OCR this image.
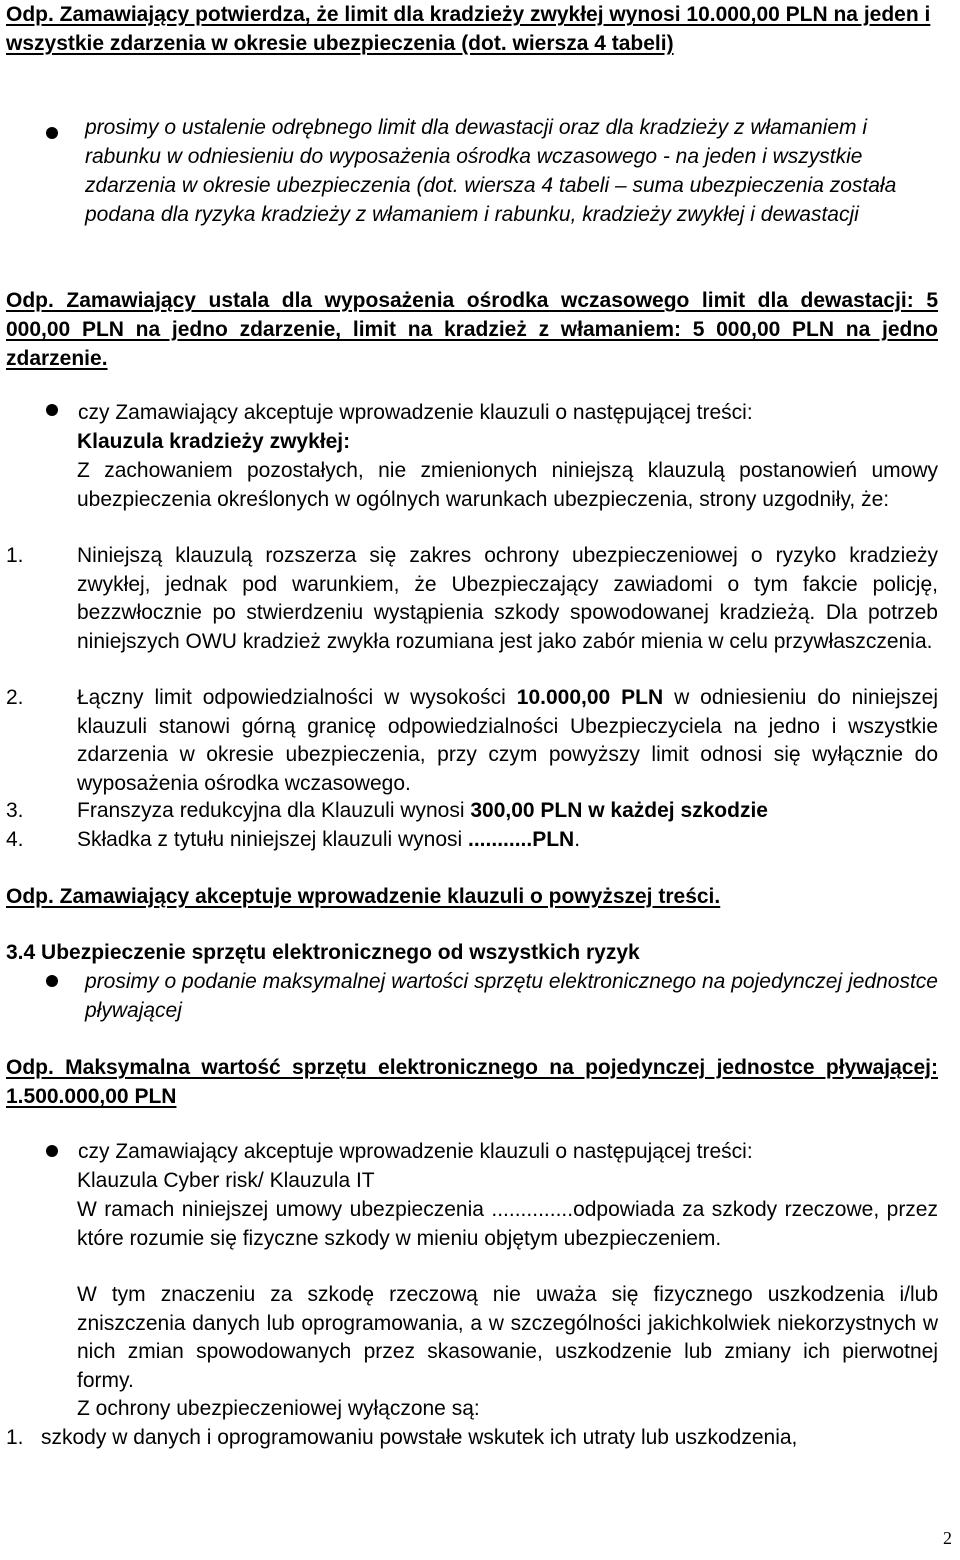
Odp. Zamawiający potwierdza, że limit dla kradzieży zwykłej wynosi 10.000,00 PLN na jeden i wszystkie zdarzenia w okresie ubezpieczenia (dot. wiersza 4 tabeli)

prosimy o ustalenie odrębnego limit dla dewastacji oraz dla kradzieży z włamaniem i rabunku w odniesieniu do wyposażenia ośrodka wczasowego - na jeden i wszystkie zdarzenia w okresie ubezpieczenia (dot. wiersza 4 tabeli – suma ubezpieczenia została podana dla ryzyka kradzieży z włamaniem i rabunku, kradzieży zwykłej i dewastacji

Odp. Zamawiający ustala dla wyposażenia ośrodka wczasowego limit dla dewastacji: 5 000,00 PLN na jedno zdarzenie, limit na kradzież z włamaniem: 5 000,00 PLN na jedno zdarzenie.

czy Zamawiający akceptuje wprowadzenie klauzuli o następującej treści:

Klauzula kradzieży zwykłej:

Z zachowaniem pozostałych, nie zmienionych niniejszą klauzulą postanowień umowy ubezpieczenia określonych w ogólnych warunkach ubezpieczenia, strony uzgodniły, że:

1.	Niniejszą klauzulą rozszerza się zakres ochrony ubezpieczeniowej o ryzyko kradzieży zwykłej, jednak pod warunkiem, że Ubezpieczający zawiadomi o tym fakcie policję, bezzwłocznie po stwierdzeniu wystąpienia szkody spowodowanej kradzieżą. Dla potrzeb niniejszych OWU kradzież zwykła rozumiana jest jako zabór mienia w celu przywłaszczenia.

2.	Łączny limit odpowiedzialności w wysokości 10.000,00 PLN w odniesieniu do niniejszej klauzuli stanowi górną granicę odpowiedzialności Ubezpieczyciela na jedno i wszystkie zdarzenia w okresie ubezpieczenia, przy czym powyższy limit odnosi się wyłącznie do wyposażenia ośrodka wczasowego.

3.	Franszyza redukcyjna dla Klauzuli wynosi 300,00 PLN w każdej szkodzie

4.	Składka z tytułu niniejszej klauzuli wynosi ...........PLN.

Odp. Zamawiający akceptuje wprowadzenie klauzuli o powyższej treści.

3.4 Ubezpieczenie sprzętu elektronicznego od wszystkich ryzyk

prosimy o podanie maksymalnej wartości sprzętu elektronicznego na pojedynczej jednostce pływającej

Odp. Maksymalna wartość sprzętu elektronicznego na pojedynczej jednostce pływającej: 1.500.000,00 PLN

czy Zamawiający akceptuje wprowadzenie klauzuli o następującej treści:

Klauzula Cyber risk/ Klauzula IT

W ramach niniejszej umowy ubezpieczenia ..............odpowiada za szkody rzeczowe, przez które rozumie się fizyczne szkody w mieniu objętym ubezpieczeniem.

W tym znaczeniu za szkodę rzeczową nie uważa się fizycznego uszkodzenia i/lub zniszczenia danych lub oprogramowania, a w szczególności jakichkolwiek niekorzystnych w nich zmian spowodowanych przez skasowanie, uszkodzenie lub zmiany ich pierwotnej formy.

Z ochrony ubezpieczeniowej wyłączone są:

1. szkody w danych i oprogramowaniu powstałe wskutek ich utraty lub uszkodzenia,

2
